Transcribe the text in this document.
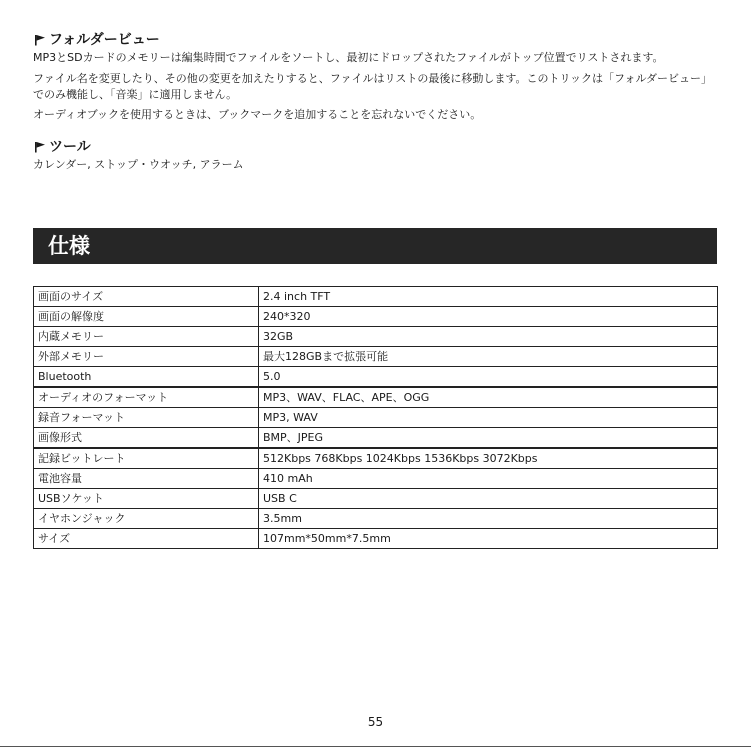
フォルダービュー

MP3とSDカードのメモリーは編集時間でファイルをソートし、最初にドロップされたファイルがトップ位置でリストされます。

ファイル名を変更したり、その他の変更を加えたりすると、ファイルはリストの最後に移動します。このトリックは「フォルダービュー」でのみ機能し、「音楽」に適用しません。

オーディオブックを使用するときは、ブックマークを追加することを忘れないでください。

ツール

カレンダー, ストップ・ウオッチ, アラーム

仕様
画面のサイズ	2.4 inch TFT
画面の解像度	240*320
内蔵メモリー	32GB
外部メモリー	最大128GBまで拡張可能
Bluetooth	5.0
オーディオのフォーマット	MP3、WAV、FLAC、APE、OGG
録音フォーマット	MP3, WAV
画像形式	BMP、JPEG
記録ビットレート	512Kbps 768Kbps 1024Kbps 1536Kbps 3072Kbps
電池容量	410 mAh
USBソケット	USB C
イヤホンジャック	3.5mm
サイズ	107mm*50mm*7.5mm

55
